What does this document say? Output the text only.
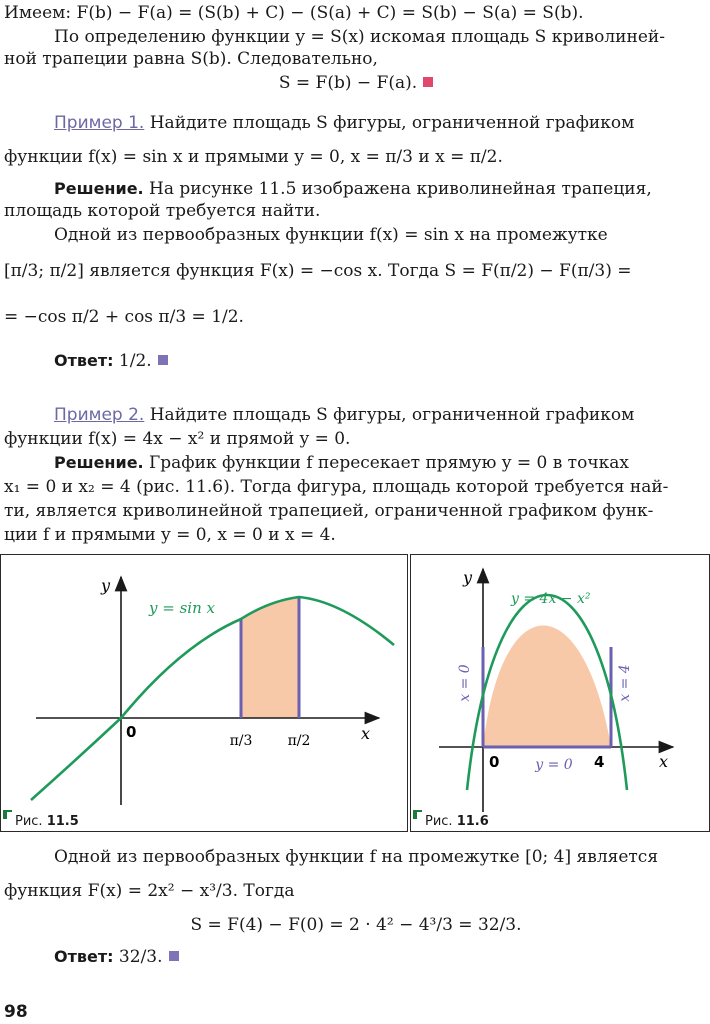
Имеем: F(b) − F(a) = (S(b) + C) − (S(a) + C) = S(b) − S(a) = S(b).
По определению функции y = S(x) искомая площадь S криволиней-
ной трапеции равна S(b). Следовательно,
S = F(b) − F(a).
Пример 1. Найдите площадь S фигуры, ограниченной графиком
функции f(x) = sin x и прямыми y = 0, x = π/3 и x = π/2.
Решение. На рисунке 11.5 изображена криволинейная трапеция,
площадь которой требуется найти.
Одной из первообразных функции f(x) = sin x на промежутке
[π/3; π/2] является функция F(x) = −cos x. Тогда S = F(π/2) − F(π/3) =
= −cos π/2 + cos π/3 = 1/2.
Ответ: 1/2.
Пример 2. Найдите площадь S фигуры, ограниченной графиком
функции f(x) = 4x − x² и прямой y = 0.
Решение. График функции f пересекает прямую y = 0 в точках
x₁ = 0 и x₂ = 4 (рис. 11.6). Тогда фигура, площадь которой требуется най-
ти, является криволинейной трапецией, ограниченной графиком функ-
ции f и прямыми y = 0, x = 0 и x = 4.
y
x
0
y = sin x
π/3	π/2
Рис. 11.5
y
x
0	4
y = 4x − x²
x = 0	x = 4
y = 0
Рис. 11.6
Одной из первообразных функции f на промежутке [0; 4] является
функция F(x) = 2x² − x³/3. Тогда
S = F(4) − F(0) = 2 · 4² − 4³/3 = 32/3.
Ответ: 32/3.
98
